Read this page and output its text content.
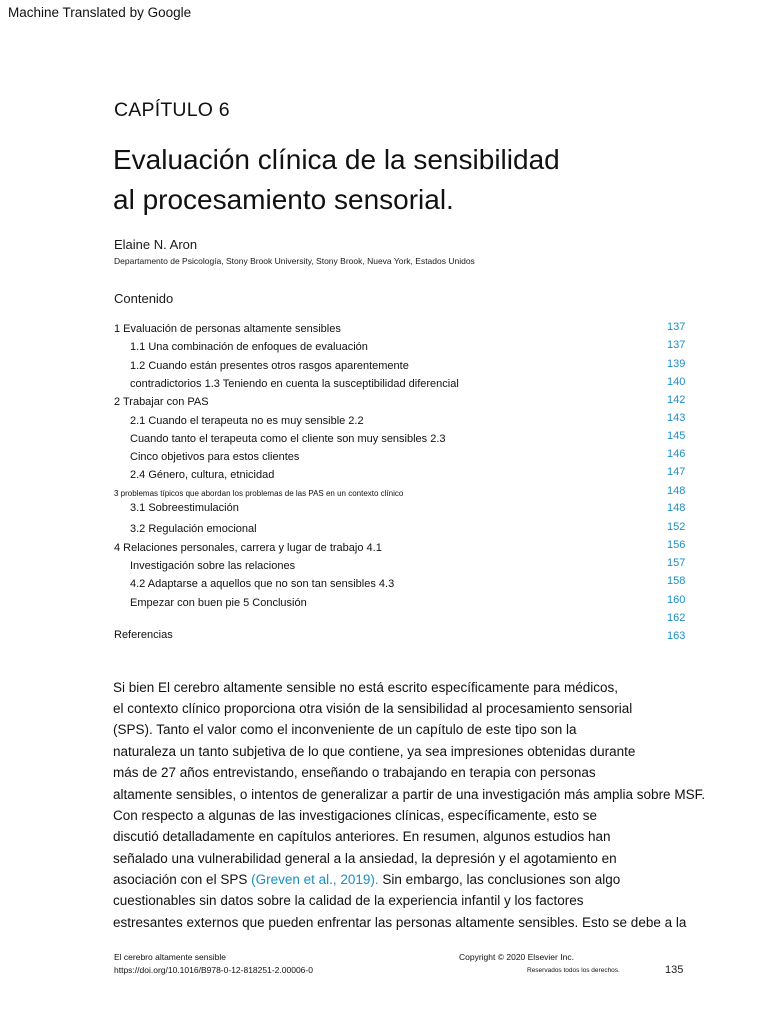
Machine Translated by Google
CAPÍTULO 6
Evaluación clínica de la sensibilidad
al procesamiento sensorial.
Elaine N. Aron
Departamento de Psicología, Stony Brook University, Stony Brook, Nueva York, Estados Unidos
Contenido
1 Evaluación de personas altamente sensibles
1.1 Una combinación de enfoques de evaluación
1.2 Cuando están presentes otros rasgos aparentemente
contradictorios 1.3 Teniendo en cuenta la susceptibilidad diferencial
2 Trabajar con PAS
2.1 Cuando el terapeuta no es muy sensible 2.2
Cuando tanto el terapeuta como el cliente son muy sensibles 2.3
Cinco objetivos para estos clientes
2.4 Género, cultura, etnicidad
3 problemas típicos que abordan los problemas de las PAS en un contexto clínico
3.1 Sobreestimulación
3.2 Regulación emocional
4 Relaciones personales, carrera y lugar de trabajo 4.1
Investigación sobre las relaciones
4.2 Adaptarse a aquellos que no son tan sensibles 4.3
Empezar con buen pie 5 Conclusión
Referencias
137
137
139
140
142
143
145
146
147
148
148
152
156
157
158
160
162
163
Si bien El cerebro altamente sensible no está escrito específicamente para médicos,
el contexto clínico proporciona otra visión de la sensibilidad al procesamiento sensorial
(SPS). Tanto el valor como el inconveniente de un capítulo de este tipo son la
naturaleza un tanto subjetiva de lo que contiene, ya sea impresiones obtenidas durante
más de 27 años entrevistando, enseñando o trabajando en terapia con personas
altamente sensibles, o intentos de generalizar a partir de una investigación más amplia sobre MSF.
Con respecto a algunas de las investigaciones clínicas, específicamente, esto se
discutió detalladamente en capítulos anteriores. En resumen, algunos estudios han
señalado una vulnerabilidad general a la ansiedad, la depresión y el agotamiento en
asociación con el SPS (Greven et al., 2019). Sin embargo, las conclusiones son algo
cuestionables sin datos sobre la calidad de la experiencia infantil y los factores
estresantes externos que pueden enfrentar las personas altamente sensibles. Esto se debe a la
El cerebro altamente sensible
https://doi.org/10.1016/B978-0-12-818251-2.00006-0
Copyright © 2020 Elsevier Inc.
Reservados todos los derechos.	135
